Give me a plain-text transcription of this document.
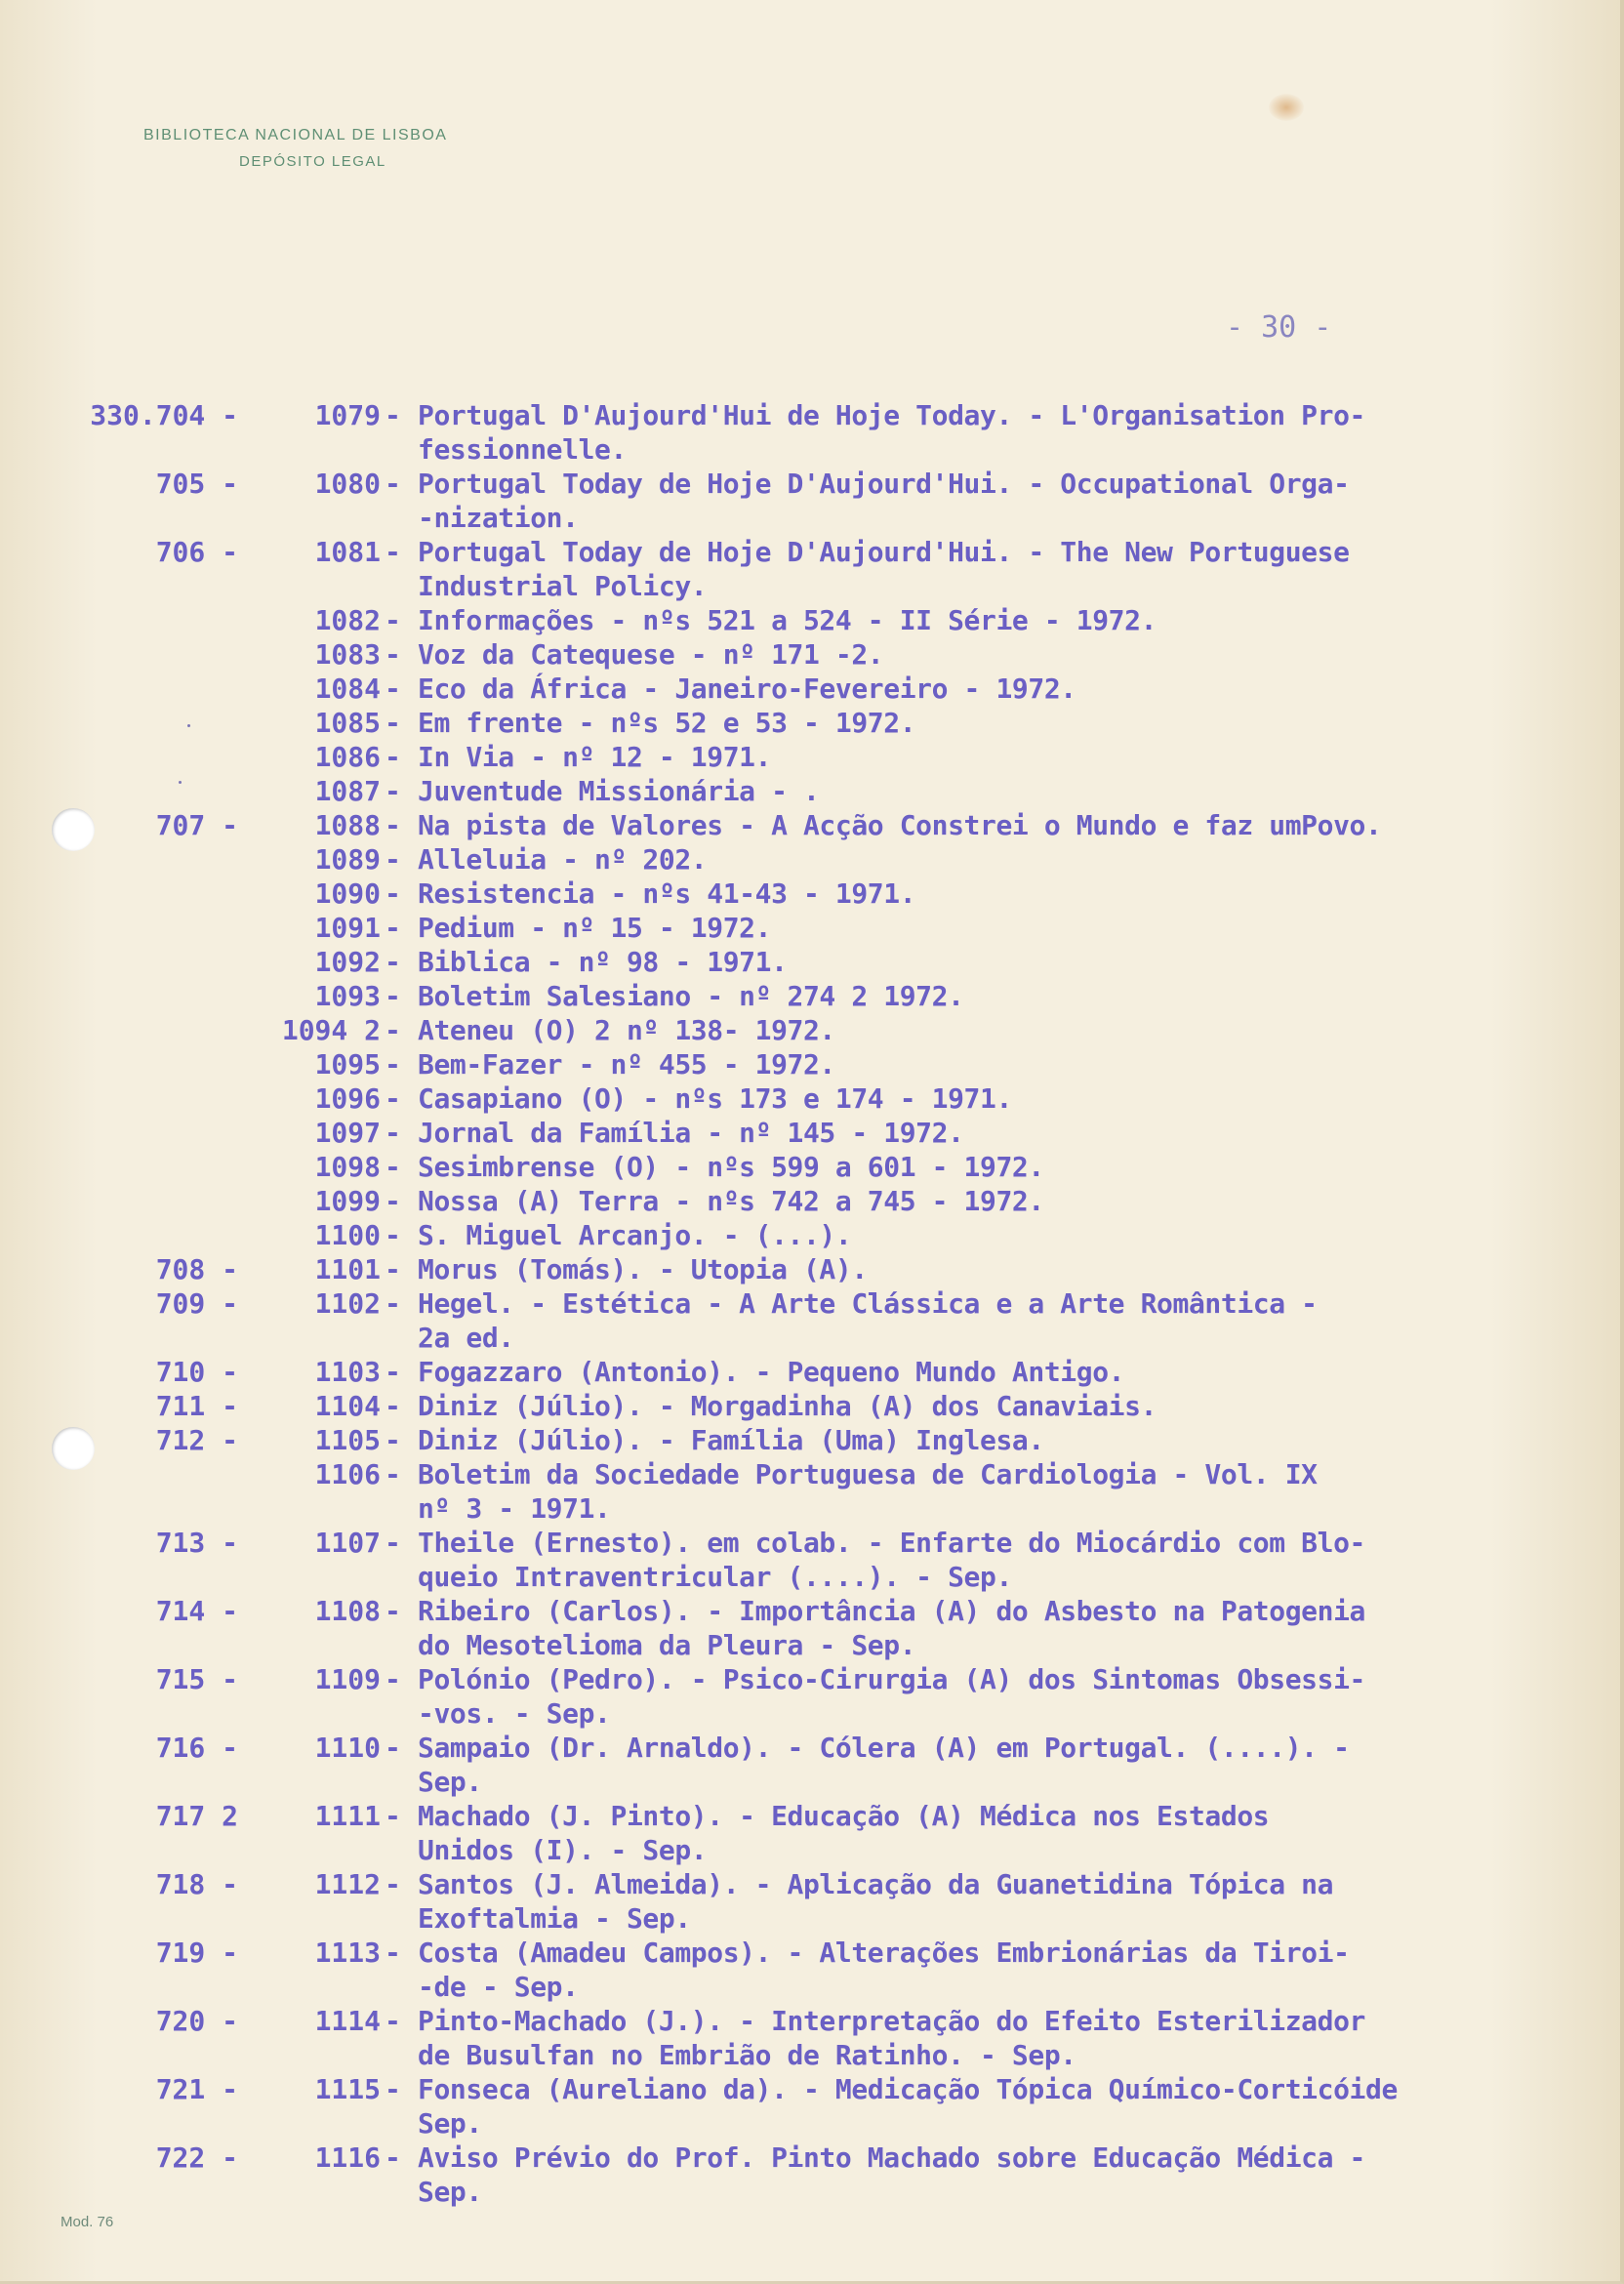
BIBLIOTECA NACIONAL DE LISBOA
DEPÓSITO LEGAL
- 30 -
330.704 -	1079 - Portugal D'Aujourd'Hui de Hoje Today. - L'Organisation Pro-
fessionnelle.
705 -	1080 - Portugal Today de Hoje D'Aujourd'Hui. - Occupational Orga-
-nization.
706 -	1081 - Portugal Today de Hoje D'Aujourd'Hui. - The New Portuguese
Industrial Policy.
1082 - Informações - nºs 521 a 524 - II Série - 1972.
1083 - Voz da Catequese - nº 171 -2.
1084 - Eco da África - Janeiro-Fevereiro - 1972.
1085 - Em frente - nºs 52 e 53 - 1972.
1086 - In Via - nº 12 - 1971.
1087 - Juventude Missionária - .
707 -	1088 - Na pista de Valores - A Acção Constrei o Mundo e faz umPovo.
1089 - Alleluia - nº 202.
1090 - Resistencia - nºs 41-43 - 1971.
1091 - Pedium - nº 15 - 1972.
1092 - Biblica - nº 98 - 1971.
1093 - Boletim Salesiano - nº 274 2 1972.
1094 2 - Ateneu (O) 2 nº 138- 1972.
1095 - Bem-Fazer - nº 455 - 1972.
1096 - Casapiano (O) - nºs 173 e 174 - 1971.
1097 - Jornal da Família - nº 145 - 1972.
1098 - Sesimbrense (O) - nºs 599 a 601 - 1972.
1099 - Nossa (A) Terra - nºs 742 a 745 - 1972.
1100 - S. Miguel Arcanjo. - (...).
708 -	1101 - Morus (Tomás). - Utopia (A).
709 -	1102 - Hegel. - Estética - A Arte Clássica e a Arte Romântica -
2a ed.
710 -	1103 - Fogazzaro (Antonio). - Pequeno Mundo Antigo.
711 -	1104 - Diniz (Júlio). - Morgadinha (A) dos Canaviais.
712 -	1105 - Diniz (Júlio). - Família (Uma) Inglesa.
1106 - Boletim da Sociedade Portuguesa de Cardiologia - Vol. IX
nº 3 - 1971.
713 -	1107 - Theile (Ernesto). em colab. - Enfarte do Miocárdio com Blo-
queio Intraventricular (....). - Sep.
714 -	1108 - Ribeiro (Carlos). - Importância (A) do Asbesto na Patogenia
do Mesotelioma da Pleura - Sep.
715 -	1109 - Polónio (Pedro). - Psico-Cirurgia (A) dos Sintomas Obsessi-
-vos. - Sep.
716 -	1110 - Sampaio (Dr. Arnaldo). - Cólera (A) em Portugal. (....). -
Sep.
717 2	1111 - Machado (J. Pinto). - Educação (A) Médica nos Estados
Unidos (I). - Sep.
718 -	1112 - Santos (J. Almeida). - Aplicação da Guanetidina Tópica na
Exoftalmia - Sep.
719 -	1113 - Costa (Amadeu Campos). - Alterações Embrionárias da Tiroi-
-de - Sep.
720 -	1114 - Pinto-Machado (J.). - Interpretação do Efeito Esterilizador
de Busulfan no Embrião de Ratinho. - Sep.
721 -	1115 - Fonseca (Aureliano da). - Medicação Tópica Químico-Corticóide
Sep.
722 -	1116 - Aviso Prévio do Prof. Pinto Machado sobre Educação Médica -
Sep.
Mod. 76
